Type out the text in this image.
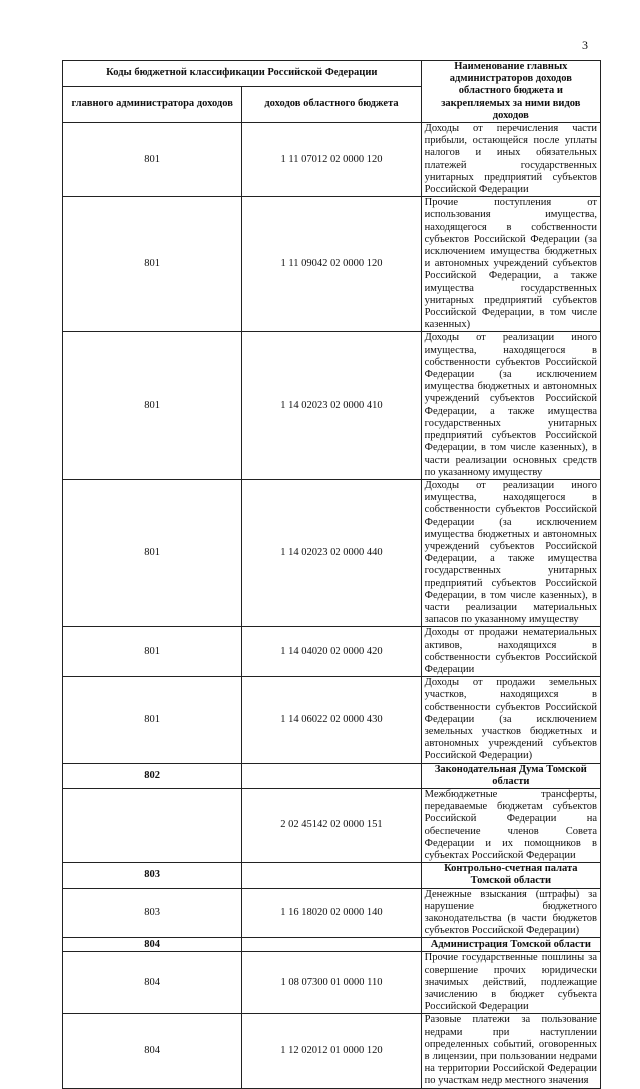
3
Коды бюджетной классификации Российской Федерации		Наименование главных администраторов доходов областного бюджета и закрепляемых за ними видов доходов
главного администратора доходов	доходов областного бюджета	
801	1 11 07012 02 0000 120	Доходы от перечисления части прибыли, остающейся после уплаты налогов и иных обязательных платежей государственных унитарных предприятий субъектов Российской Федерации
801	1 11 09042 02 0000 120	Прочие поступления от использования имущества, находящегося в собственности субъектов Российской Федерации (за исключением имущества бюджетных и автономных учреждений субъектов Российской Федерации, а также имущества государственных унитарных предприятий субъектов Российской Федерации, в том числе казенных)
801	1 14 02023 02 0000 410	Доходы от реализации иного имущества, находящегося в собственности субъектов Российской Федерации (за исключением имущества бюджетных и автономных учреждений субъектов Российской Федерации, а также имущества государственных унитарных предприятий субъектов Российской Федерации, в том числе казенных), в части реализации основных средств по указанному имуществу
801	1 14 02023 02 0000 440	Доходы от реализации иного имущества, находящегося в собственности субъектов Российской Федерации (за исключением имущества бюджетных и автономных учреждений субъектов Российской Федерации, а также имущества государственных унитарных предприятий субъектов Российской Федерации, в том числе казенных), в части реализации материальных запасов по указанному имуществу
801	1 14 04020 02 0000 420	Доходы от продажи нематериальных активов, находящихся в собственности субъектов Российской Федерации
801	1 14 06022 02 0000 430	Доходы от продажи земельных участков, находящихся в собственности субъектов Российской Федерации (за исключением земельных участков бюджетных и автономных учреждений субъектов Российской Федерации)
802		Законодательная Дума Томской области
	2 02 45142 02 0000 151	Межбюджетные трансферты, передаваемые бюджетам субъектов Российской Федерации на обеспечение членов Совета Федерации и их помощников в субъектах Российской Федерации
803		Контрольно-счетная палата Томской области
803	1 16 18020 02 0000 140	Денежные взыскания (штрафы) за нарушение бюджетного законодательства (в части бюджетов субъектов Российской Федерации)
804		Администрация Томской области
804	1 08 07300 01 0000 110	Прочие государственные пошлины за совершение прочих юридически значимых действий, подлежащие зачислению в бюджет субъекта Российской Федерации
804	1 12 02012 01 0000 120	Разовые платежи за пользование недрами при наступлении определенных событий, оговоренных в лицензии, при пользовании недрами на территории Российской Федерации по участкам недр местного значения
